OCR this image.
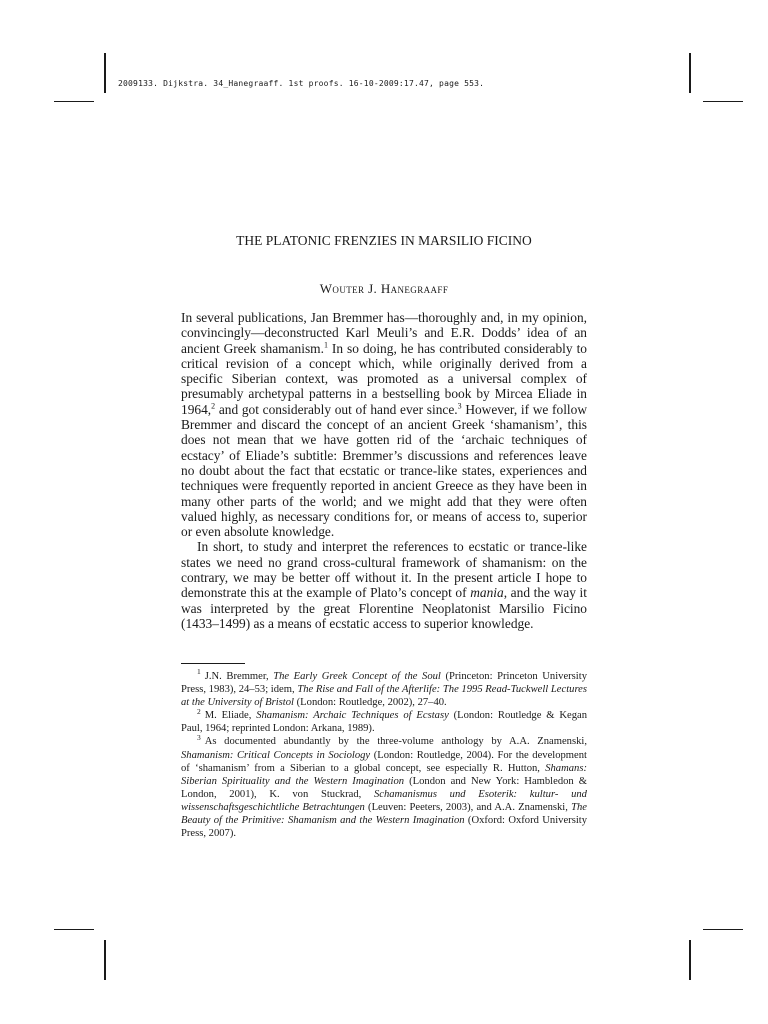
2009133. Dijkstra. 34_Hanegraaff. 1st proofs. 16-10-2009:17.47, page 553.
THE PLATONIC FRENZIES IN MARSILIO FICINO
Wouter J. Hanegraaff

In several publications, Jan Bremmer has—thoroughly and, in my opinion, convincingly—deconstructed Karl Meuli’s and E.R. Dodds’ idea of an ancient Greek shamanism.$^1$ In so doing, he has contributed considerably to critical revision of a concept which, while originally derived from a specific Siberian context, was promoted as a universal complex of presumably archetypal patterns in a bestselling book by Mircea Eliade in 1964,$^2$ and got considerably out of hand ever since.$^3$ However, if we follow Bremmer and discard the concept of an ancient Greek ‘shamanism’, this does not mean that we have gotten rid of the ‘archaic techniques of ecstacy’ of Eliade’s subtitle: Bremmer’s discussions and references leave no doubt about the fact that ecstatic or trance-like states, experiences and techniques were frequently reported in ancient Greece as they have been in many other parts of the world; and we might add that they were often valued highly, as necessary conditions for, or means of access to, superior or even absolute knowledge.

In short, to study and interpret the references to ecstatic or trance-like states we need no grand cross-cultural framework of shamanism: on the contrary, we may be better off without it. In the present article I hope to demonstrate this at the example of Plato’s concept of mania, and the way it was interpreted by the great Florentine Neoplatonist Marsilio Ficino (1433–1499) as a means of ecstatic access to superior knowledge.

$^1$ J.N. Bremmer, The Early Greek Concept of the Soul (Princeton: Princeton University Press, 1983), 24–53; idem, The Rise and Fall of the Afterlife: The 1995 Read-Tuckwell Lectures at the University of Bristol (London: Routledge, 2002), 27–40.

$^2$ M. Eliade, Shamanism: Archaic Techniques of Ecstasy (London: Routledge & Kegan Paul, 1964; reprinted London: Arkana, 1989).

$^3$ As documented abundantly by the three-volume anthology by A.A. Znamenski, Shamanism: Critical Concepts in Sociology (London: Routledge, 2004). For the development of ‘shamanism’ from a Siberian to a global concept, see especially R. Hutton, Shamans: Siberian Spirituality and the Western Imagination (London and New York: Hambledon & London, 2001), K. von Stuckrad, Schamanismus und Esoterik: kultur- und wissenschaftsgeschichtliche Betrachtungen (Leuven: Peeters, 2003), and A.A. Znamenski, The Beauty of the Primitive: Shamanism and the Western Imagination (Oxford: Oxford University Press, 2007).
